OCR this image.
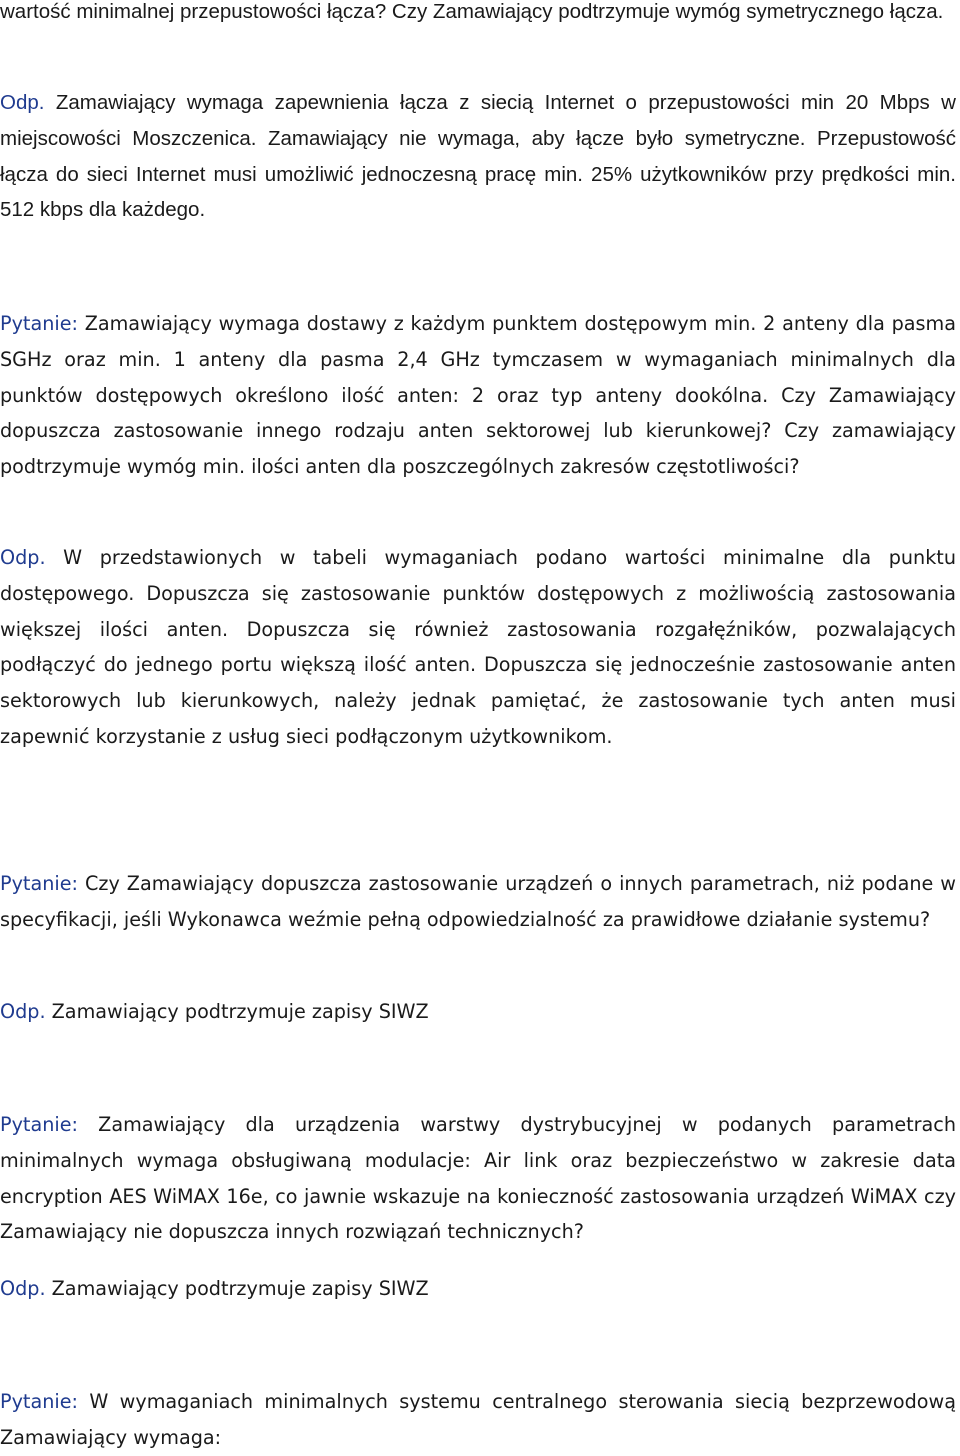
wartość minimalnej przepustowości łącza? Czy Zamawiający podtrzymuje wymóg symetrycznego łącza.
Odp. Zamawiający wymaga zapewnienia łącza z siecią Internet o przepustowości min 20 Mbps w miejscowości Moszczenica. Zamawiający nie wymaga, aby łącze było symetryczne. Przepustowość łącza do sieci Internet musi umożliwić jednoczesną pracę min. 25% użytkowników przy prędkości min. 512 kbps dla każdego.
Pytanie: Zamawiający wymaga dostawy z każdym punktem dostępowym min. 2 anteny dla pasma SGHz oraz min. 1 anteny dla pasma 2,4 GHz tymczasem w wymaganiach minimalnych dla punktów dostępowych określono ilość anten: 2 oraz typ anteny dookólna. Czy Zamawiający dopuszcza zastosowanie innego rodzaju anten sektorowej lub kierunkowej? Czy zamawiający podtrzymuje wymóg min. ilości anten dla poszczególnych zakresów częstotliwości?
Odp. W przedstawionych w tabeli wymaganiach podano wartości minimalne dla punktu dostępowego. Dopuszcza się zastosowanie punktów dostępowych z możliwością zastosowania większej ilości anten. Dopuszcza się również zastosowania rozgałęźników, pozwalających podłączyć do jednego portu większą ilość anten. Dopuszcza się jednocześnie zastosowanie anten sektorowych lub kierunkowych, należy jednak pamiętać, że zastosowanie tych anten musi zapewnić korzystanie z usług sieci podłączonym użytkownikom.
Pytanie: Czy Zamawiający dopuszcza zastosowanie urządzeń o innych parametrach, niż podane w specyfikacji, jeśli Wykonawca weźmie pełną odpowiedzialność za prawidłowe działanie systemu?
Odp. Zamawiający podtrzymuje zapisy SIWZ
Pytanie: Zamawiający dla urządzenia warstwy dystrybucyjnej w podanych parametrach minimalnych wymaga obsługiwaną modulacje: Air link oraz bezpieczeństwo w zakresie data encryption AES WiMAX 16e, co jawnie wskazuje na konieczność zastosowania urządzeń WiMAX czy Zamawiający nie dopuszcza innych rozwiązań technicznych?
Odp. Zamawiający podtrzymuje zapisy SIWZ
Pytanie: W wymaganiach minimalnych systemu centralnego sterowania siecią bezprzewodową Zamawiający wymaga:
